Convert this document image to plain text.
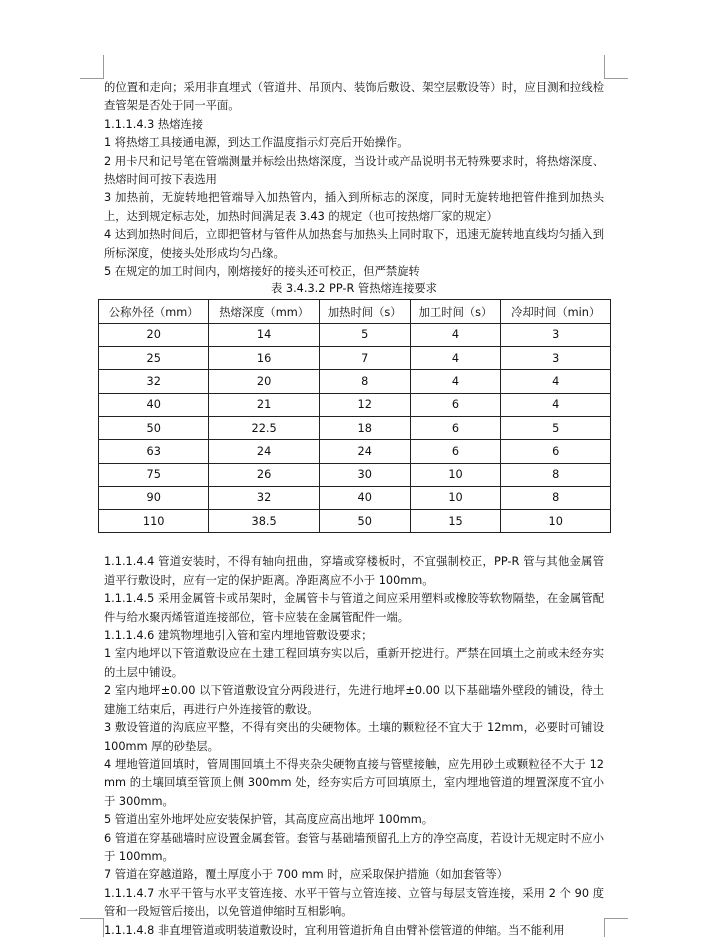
的位置和走向；采用非直埋式（管道井、吊顶内、装饰后敷设、架空层敷设等）时，应目测和拉线检查管架是否处于同一平面。

1.1.1.4.3 热熔连接

1 将热熔工具接通电源，到达工作温度指示灯亮后开始操作。

2 用卡尺和记号笔在管端测量并标绘出热熔深度，当设计或产品说明书无特殊要求时，将热熔深度、热熔时间可按下表选用

3 加热前，无旋转地把管端导入加热管内，插入到所标志的深度，同时无旋转地把管件推到加热头上，达到规定标志处，加热时间满足表 3.43 的规定（也可按热熔厂家的规定）

4 达到加热时间后，立即把管材与管件从加热套与加热头上同时取下，迅速无旋转地直线均匀插入到所标深度，使接头处形成均匀凸缘。

5 在规定的加工时间内，刚熔接好的接头还可校正，但严禁旋转

表 3.4.3.2 PP-R 管热熔连接要求

公称外径（mm）	热熔深度（mm）	加热时间（s）	加工时间（s）	冷却时间（min）
20	14	5	4	3
25	16	7	4	3
32	20	8	4	4
40	21	12	6	4
50	22.5	18	6	5
63	24	24	6	6
75	26	30	10	8
90	32	40	10	8
110	38.5	50	15	10

1.1.1.4.4 管道安装时，不得有轴向扭曲，穿墙或穿楼板时，不宜强制校正，PP-R 管与其他金属管道平行敷设时，应有一定的保护距离。净距离应不小于 100mm。

1.1.1.4.5 采用金属管卡或吊架时，金属管卡与管道之间应采用塑料或橡胶等软物隔垫，在金属管配件与给水聚丙烯管道连接部位，管卡应装在金属管配件一端。

1.1.1.4.6 建筑物埋地引入管和室内埋地管敷设要求；

1 室内地坪以下管道敷设应在土建工程回填夯实以后，重新开挖进行。严禁在回填土之前或未经夯实的土层中铺设。

2 室内地坪±0.00 以下管道敷设宜分两段进行，先进行地坪±0.00 以下基础墙外壁段的铺设，待土建施工结束后，再进行户外连接管的敷设。

3 敷设管道的沟底应平整，不得有突出的尖硬物体。土壤的颗粒径不宜大于 12mm，必要时可铺设 100mm 厚的砂垫层。

4 埋地管道回填时，管周围回填土不得夹杂尖硬物直接与管壁接触，应先用砂土或颗粒径不大于 12mm 的土壤回填至管顶上侧 300mm 处，经夯实后方可回填原土，室内埋地管道的埋置深度不宜小于 300mm。

5 管道出室外地坪处应安装保护管，其高度应高出地坪 100mm。

6 管道在穿基础墙时应设置金属套管。套管与基础墙预留孔上方的净空高度，若设计无规定时不应小于 100mm。

7 管道在穿越道路，覆土厚度小于 700 mm 时，应采取保护措施（如加套管等）

1.1.1.4.7 水平干管与水平支管连接、水平干管与立管连接、立管与每层支管连接，采用 2 个 90 度管和一段短管后接出，以免管道伸缩时互相影响。

1.1.1.4.8 非直埋管道或明装道敷设时，宜利用管道折角自由臂补偿管道的伸缩。当不能利用
